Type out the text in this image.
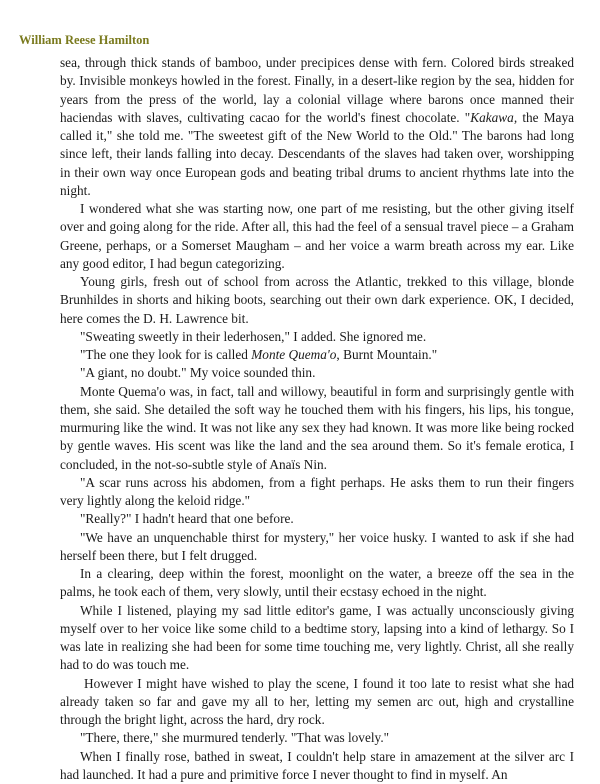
William Reese Hamilton

sea, through thick stands of bamboo, under precipices dense with fern. Colored birds streaked by. Invisible monkeys howled in the forest. Finally, in a desert-like region by the sea, hidden for years from the press of the world, lay a colonial village where barons once manned their haciendas with slaves, cultivating cacao for the world's finest chocolate. "Kakawa, the Maya called it," she told me. "The sweetest gift of the New World to the Old." The barons had long since left, their lands falling into decay. Descendants of the slaves had taken over, worshipping in their own way once European gods and beating tribal drums to ancient rhythms late into the night.

I wondered what she was starting now, one part of me resisting, but the other giving itself over and going along for the ride. After all, this had the feel of a sensual travel piece – a Graham Greene, perhaps, or a Somerset Maugham – and her voice a warm breath across my ear. Like any good editor, I had begun categorizing.

Young girls, fresh out of school from across the Atlantic, trekked to this village, blonde Brunhildes in shorts and hiking boots, searching out their own dark experience. OK, I decided, here comes the D. H. Lawrence bit.

"Sweating sweetly in their lederhosen," I added. She ignored me.

"The one they look for is called Monte Quema'o, Burnt Mountain."

"A giant, no doubt." My voice sounded thin.

Monte Quema'o was, in fact, tall and willowy, beautiful in form and surprisingly gentle with them, she said. She detailed the soft way he touched them with his fingers, his lips, his tongue, murmuring like the wind. It was not like any sex they had known. It was more like being rocked by gentle waves. His scent was like the land and the sea around them. So it's female erotica, I concluded, in the not-so-subtle style of Anaïs Nin.

"A scar runs across his abdomen, from a fight perhaps. He asks them to run their fingers very lightly along the keloid ridge."

"Really?" I hadn't heard that one before.

"We have an unquenchable thirst for mystery," her voice husky. I wanted to ask if she had herself been there, but I felt drugged.

In a clearing, deep within the forest, moonlight on the water, a breeze off the sea in the palms, he took each of them, very slowly, until their ecstasy echoed in the night.

While I listened, playing my sad little editor's game, I was actually unconsciously giving myself over to her voice like some child to a bedtime story, lapsing into a kind of lethargy. So I was late in realizing she had been for some time touching me, very lightly. Christ, all she really had to do was touch me.

However I might have wished to play the scene, I found it too late to resist what she had already taken so far and gave my all to her, letting my semen arc out, high and crystalline through the bright light, across the hard, dry rock.

"There, there," she murmured tenderly. "That was lovely."

When I finally rose, bathed in sweat, I couldn't help stare in amazement at the silver arc I had launched. It had a pure and primitive force I never thought to find in myself. An
